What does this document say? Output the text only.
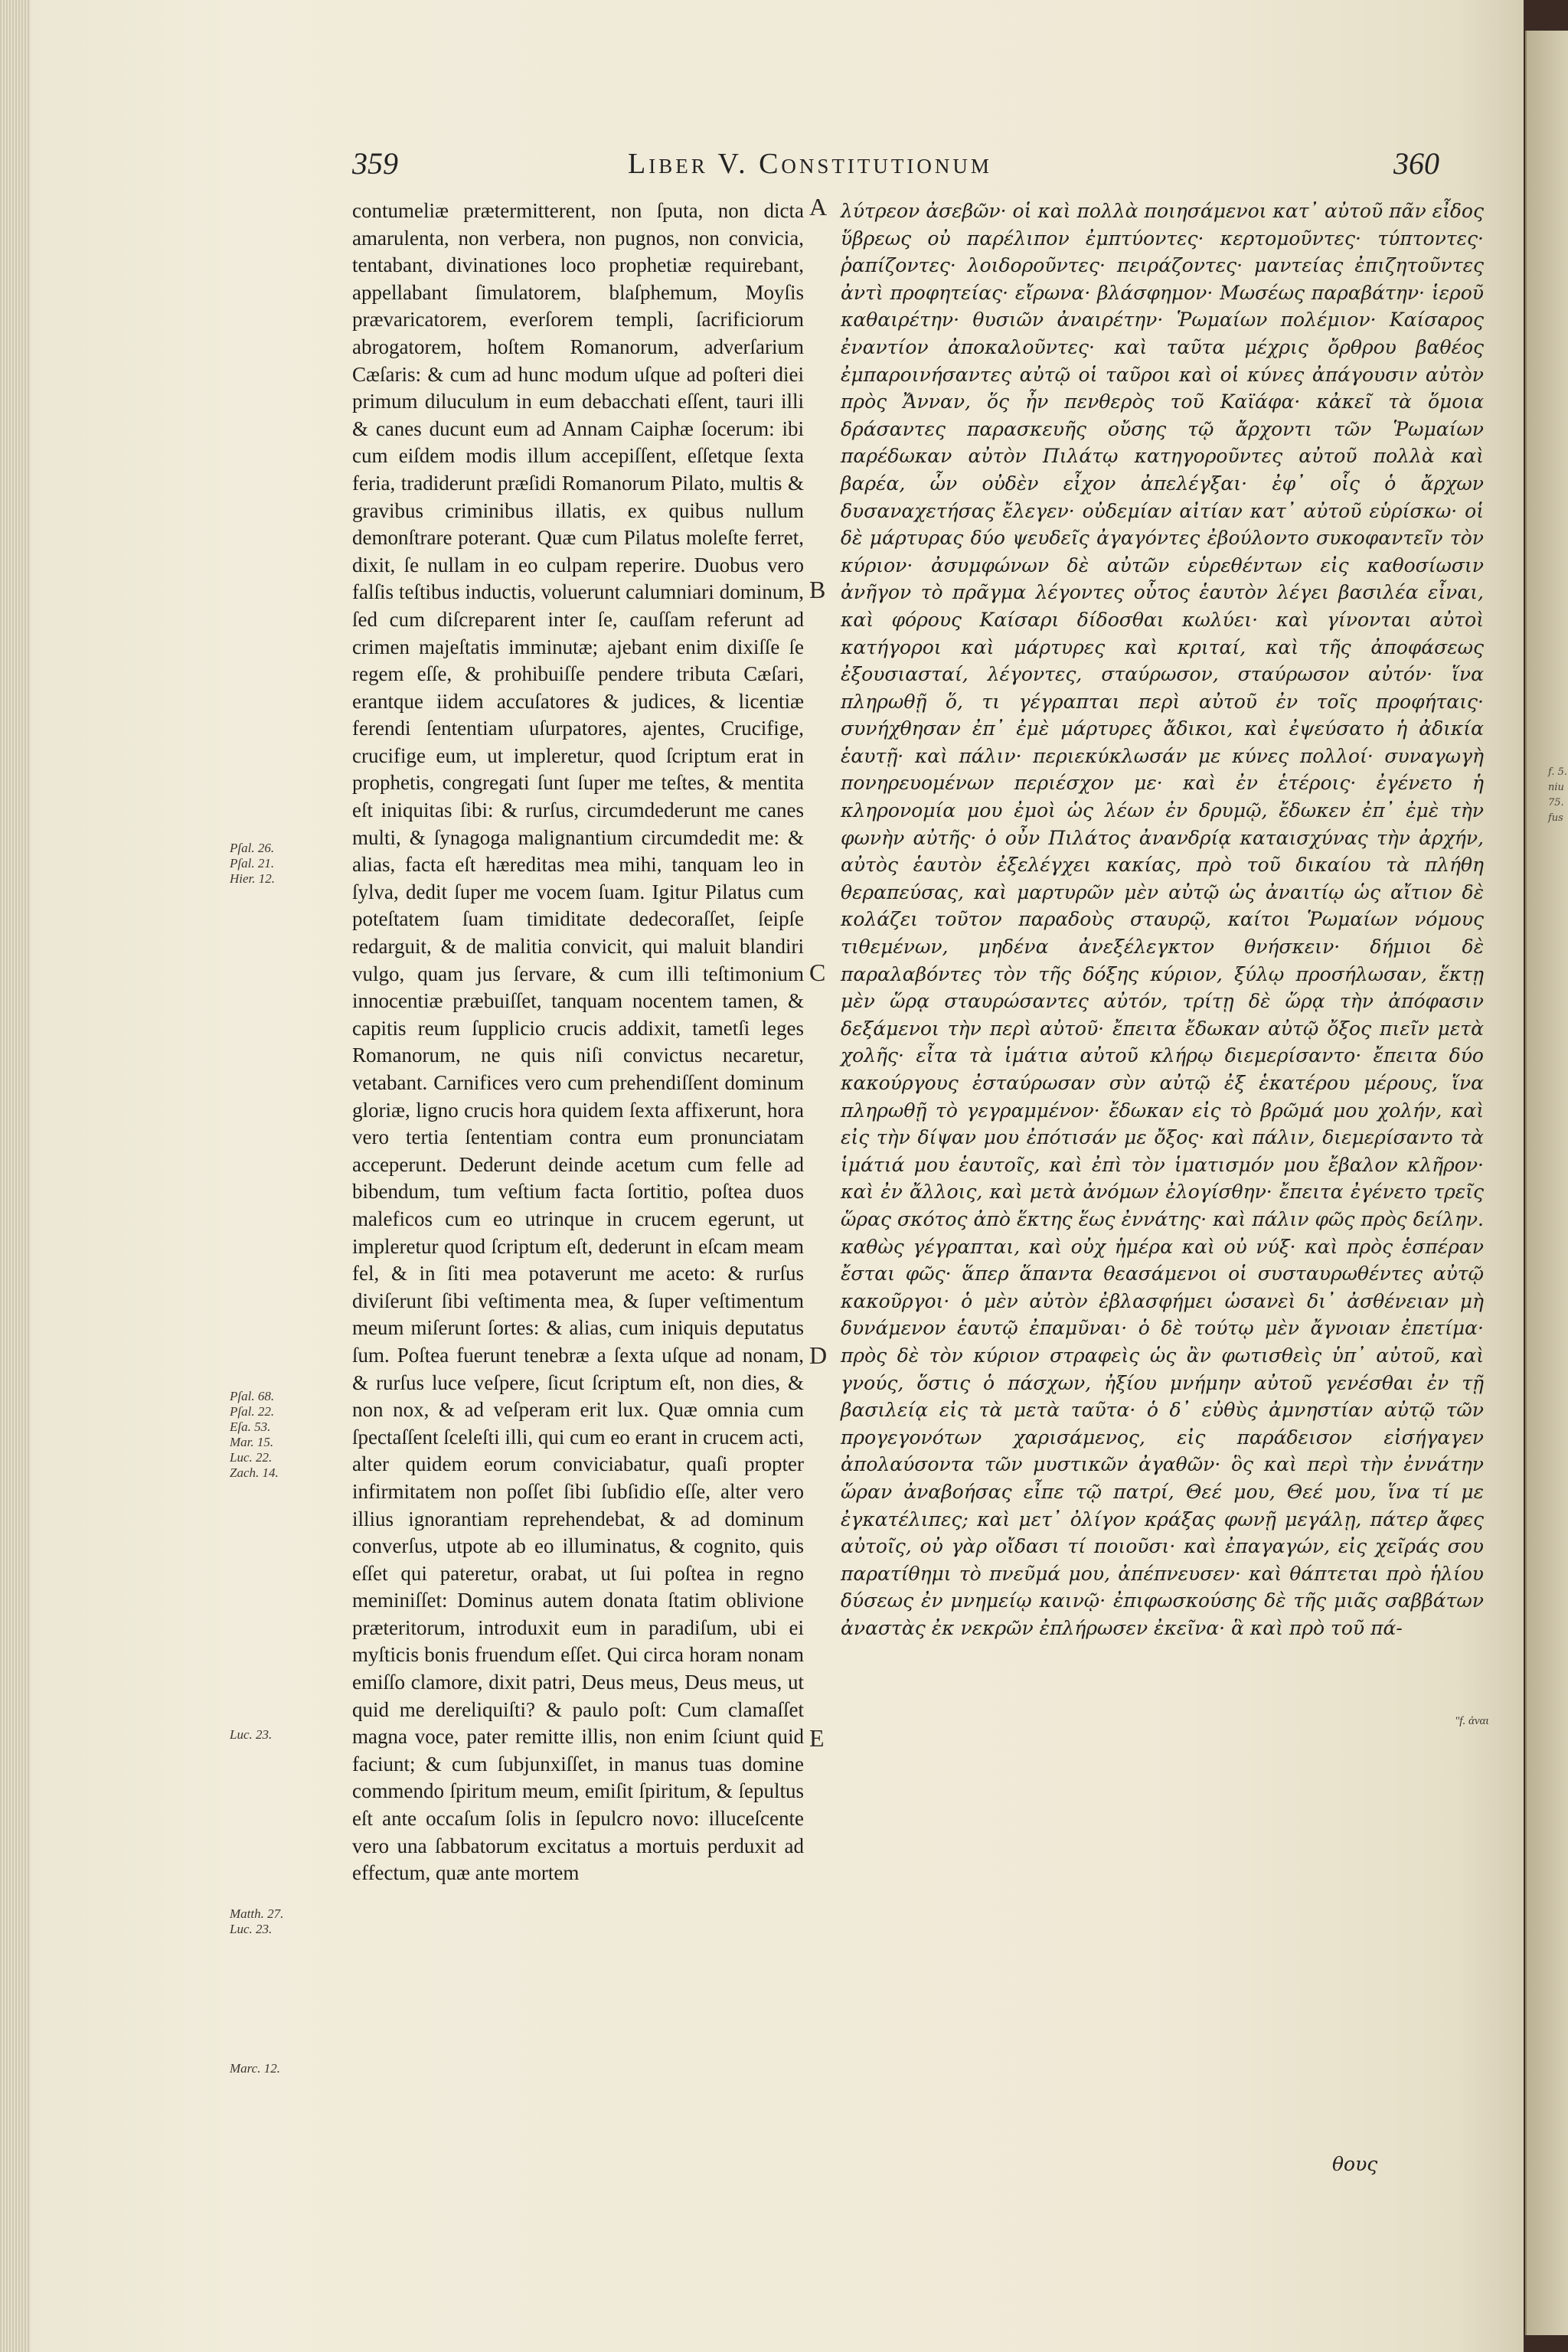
359	Liber V. Constitutionum	360
Pſal. 26.
Pſal. 21.
Hier. 12.
Pſal. 68.
Pſal. 22.
Eſa. 53.
Mar. 15.
Luc. 22.
Zach. 14.
Luc. 23.
Matth. 27.
Luc. 23.
Marc. 12.

contumeliæ prætermitterent, non ſputa, non dicta amarulenta, non verbera, non pugnos, non convicia, tentabant, divinationes loco prophetiæ requirebant, appellabant ſimulatorem, blaſphemum, Moyſis prævaricatorem, everſorem templi, ſacrificiorum abrogatorem, hoſtem Romanorum, adverſarium Cæſaris: & cum ad hunc modum uſque ad poſteri diei primum diluculum in eum debacchati eſſent, tauri illi & canes ducunt eum ad Annam Caiphæ ſocerum: ibi cum eiſdem modis illum accepiſſent, eſſetque ſexta feria, tradiderunt præſidi Romanorum Pilato, multis & gravibus criminibus illatis, ex quibus nullum demonſtrare poterant. Quæ cum Pilatus moleſte ferret, dixit, ſe nullam in eo culpam reperire. Duobus vero falſis teſtibus inductis, voluerunt calumniari dominum, ſed cum diſcreparent inter ſe, cauſſam referunt ad crimen majeſtatis imminutæ; ajebant enim dixiſſe ſe regem eſſe, & prohibuiſſe pendere tributa Cæſari, erantque iidem accuſatores & judices, & licentiæ ferendi ſententiam uſurpatores, ajentes, Crucifige, crucifige eum, ut impleretur, quod ſcriptum erat in prophetis, congregati ſunt ſuper me teſtes, & mentita eſt iniquitas ſibi: & rurſus, circumdederunt me canes multi, & ſynagoga malignantium circumdedit me: & alias, facta eſt hæreditas mea mihi, tanquam leo in ſylva, dedit ſuper me vocem ſuam. Igitur Pilatus cum poteſtatem ſuam timiditate dedecoraſſet, ſeipſe redarguit, & de malitia convicit, qui maluit blandiri vulgo, quam jus ſervare, & cum illi teſtimonium innocentiæ præbuiſſet, tanquam nocentem tamen, & capitis reum ſupplicio crucis addixit, tametſi leges Romanorum, ne quis niſi convictus necaretur, vetabant. Carnifices vero cum prehendiſſent dominum gloriæ, ligno crucis hora quidem ſexta affixerunt, hora vero tertia ſententiam contra eum pronunciatam acceperunt. Dederunt deinde acetum cum felle ad bibendum, tum veſtium facta ſortitio, poſtea duos maleficos cum eo utrinque in crucem egerunt, ut impleretur quod ſcriptum eſt, dederunt in eſcam meam fel, & in ſiti mea potaverunt me aceto: & rurſus diviſerunt ſibi veſtimenta mea, & ſuper veſtimentum meum miſerunt ſortes: & alias, cum iniquis deputatus ſum. Poſtea fuerunt tenebræ a ſexta uſque ad nonam, & rurſus luce veſpere, ſicut ſcriptum eſt, non dies, & non nox, & ad veſperam erit lux. Quæ omnia cum ſpectaſſent ſceleſti illi, qui cum eo erant in crucem acti, alter quidem eorum conviciabatur, quaſi propter infirmitatem non poſſet ſibi ſubſidio eſſe, alter vero illius ignorantiam reprehendebat, & ad dominum converſus, utpote ab eo illuminatus, & cognito, quis eſſet qui pateretur, orabat, ut ſui poſtea in regno meminiſſet: Dominus autem donata ſtatim oblivione præteritorum, introduxit eum in paradiſum, ubi ei myſticis bonis fruendum eſſet. Qui circa horam nonam emiſſo clamore, dixit patri, Deus meus, Deus meus, ut quid me dereliquiſti? & paulo poſt: Cum clamaſſet magna voce, pater remitte illis, non enim ſciunt quid faciunt; & cum ſubjunxiſſet, in manus tuas domine commendo ſpiritum meum, emiſit ſpiritum, & ſepultus eſt ante occaſum ſolis in ſepulcro novo: illuceſcente vero una ſabbatorum excitatus a mortuis perduxit ad effectum, quæ ante mortem

A
B
C
D
E

λύτρεον ἀσεβῶν· οἱ καὶ πολλὰ ποιησάμενοι κατ᾽ αὐτοῦ πᾶν εἶδος ὕβρεως οὐ παρέλιπον ἐμπτύοντες· κερτομοῦντες· τύπτοντες· ῥαπίζοντες· λοιδοροῦντες· πειράζοντες· μαντείας ἐπιζητοῦντες ἀντὶ προφητείας· εἴρωνα· βλάσφημον· Μωσέως παραβάτην· ἱεροῦ καθαιρέτην· θυσιῶν ἀναιρέτην· Ῥωμαίων πολέμιον· Καίσαρος ἐναντίον ἀποκαλοῦντες· καὶ ταῦτα μέχρις ὄρθρου βαθέος ἐμπαροινήσαντες αὐτῷ οἱ ταῦροι καὶ οἱ κύνες ἀπάγουσιν αὐτὸν πρὸς Ἄνναν, ὅς ἦν πενθερὸς τοῦ Καϊάφα· κἀκεῖ τὰ ὅμοια δράσαντες παρασκευῆς οὔσης τῷ ἄρχοντι τῶν Ῥωμαίων παρέδωκαν αὐτὸν Πιλάτῳ κατηγοροῦντες αὐτοῦ πολλὰ καὶ βαρέα, ὧν οὐδὲν εἶχον ἀπελέγξαι· ἐφ᾽ οἷς ὁ ἄρχων δυσαναχετήσας ἔλεγεν· οὐδεμίαν αἰτίαν κατ᾽ αὐτοῦ εὑρίσκω· οἱ δὲ μάρτυρας δύο ψευδεῖς ἀγαγόντες ἐβούλοντο συκοφαντεῖν τὸν κύριον· ἀσυμφώνων δὲ αὐτῶν εὑρεθέντων εἰς καθοσίωσιν ἀνῆγον τὸ πρᾶγμα λέγοντες οὗτος ἑαυτὸν λέγει βασιλέα εἶναι, καὶ φόρους Καίσαρι δίδοσθαι κωλύει· καὶ γίνονται αὐτοὶ κατήγοροι καὶ μάρτυρες καὶ κριταί, καὶ τῆς ἀποφάσεως ἐξουσιασταί, λέγοντες, σταύρωσον, σταύρωσον αὐτόν· ἵνα πληρωθῇ ὅ, τι γέγραπται περὶ αὐτοῦ ἐν τοῖς προφήταις· συνήχθησαν ἐπ᾽ ἐμὲ μάρτυρες ἄδικοι, καὶ ἐψεύσατο ἡ ἀδικία ἑαυτῇ· καὶ πάλιν· περιεκύκλωσάν με κύνες πολλοί· συναγωγὴ πονηρευομένων περιέσχον με· καὶ ἐν ἑτέροις· ἐγένετο ἡ κληρονομία μου ἐμοὶ ὡς λέων ἐν δρυμῷ, ἔδωκεν ἐπ᾽ ἐμὲ τὴν φωνὴν αὐτῆς· ὁ οὖν Πιλάτος ἀνανδρίᾳ καταισχύνας τὴν ἀρχήν, αὐτὸς ἑαυτὸν ἐξελέγχει κακίας, πρὸ τοῦ δικαίου τὰ πλήθη θεραπεύσας, καὶ μαρτυρῶν μὲν αὐτῷ ὡς ἀναιτίῳ ὡς αἴτιον δὲ κολάζει τοῦτον παραδοὺς σταυρῷ, καίτοι Ῥωμαίων νόμους τιθεμένων, μηδένα ἀνεξέλεγκτον θνήσκειν· δήμιοι δὲ παραλαβόντες τὸν τῆς δόξης κύριον, ξύλῳ προσήλωσαν, ἕκτῃ μὲν ὥρᾳ σταυρώσαντες αὐτόν, τρίτῃ δὲ ὥρᾳ τὴν ἀπόφασιν δεξάμενοι τὴν περὶ αὐτοῦ· ἔπειτα ἔδωκαν αὐτῷ ὄξος πιεῖν μετὰ χολῆς· εἶτα τὰ ἱμάτια αὐτοῦ κλήρῳ διεμερίσαντο· ἔπειτα δύο κακούργους ἐσταύρωσαν σὺν αὐτῷ ἐξ ἑκατέρου μέρους, ἵνα πληρωθῇ τὸ γεγραμμένον· ἔδωκαν εἰς τὸ βρῶμά μου χολήν, καὶ εἰς τὴν δίψαν μου ἐπότισάν με ὄξος· καὶ πάλιν, διεμερίσαντο τὰ ἱμάτιά μου ἑαυτοῖς, καὶ ἐπὶ τὸν ἱματισμόν μου ἔβαλον κλῆρον· καὶ ἐν ἄλλοις, καὶ μετὰ ἀνόμων ἐλογίσθην· ἔπειτα ἐγένετο τρεῖς ὥρας σκότος ἀπὸ ἕκτης ἕως ἐννάτης· καὶ πάλιν φῶς πρὸς δείλην. καθὼς γέγραπται, καὶ οὐχ ἡμέρα καὶ οὐ νύξ· καὶ πρὸς ἑσπέραν ἔσται φῶς· ἅπερ ἅπαντα θεασάμενοι οἱ συσταυρωθέντες αὐτῷ κακοῦργοι· ὁ μὲν αὐτὸν ἐβλασφήμει ὡσανεὶ δι᾽ ἀσθένειαν μὴ δυνάμενον ἑαυτῷ ἐπαμῦναι· ὁ δὲ τούτῳ μὲν ἄγνοιαν ἐπετίμα· πρὸς δὲ τὸν κύριον στραφεὶς ὡς ἂν φωτισθεὶς ὑπ᾽ αὐτοῦ, καὶ γνούς, ὅστις ὁ πάσχων, ἠξίου μνήμην αὐτοῦ γενέσθαι ἐν τῇ βασιλείᾳ εἰς τὰ μετὰ ταῦτα· ὁ δ᾽ εὐθὺς ἀμνηστίαν αὐτῷ τῶν προγεγονότων χαρισάμενος, εἰς παράδεισον εἰσήγαγεν ἀπολαύσοντα τῶν μυστικῶν ἀγαθῶν· ὃς καὶ περὶ τὴν ἐννάτην ὥραν ἀναβοήσας εἶπε τῷ πατρί, Θεέ μου, Θεέ μου, ἵνα τί με ἐγκατέλιπες; καὶ μετ᾽ ὀλίγον κράξας φωνῇ μεγάλῃ, πάτερ ἄφες αὐτοῖς, οὐ γὰρ οἴδασι τί ποιοῦσι· καὶ ἐπαγαγών, εἰς χεῖράς σου παρατίθημι τὸ πνεῦμά μου, ἀπέπνευσεν· καὶ θάπτεται πρὸ ἡλίου δύσεως ἐν μνημείῳ καινῷ· ἐπιφωσκούσης δὲ τῆς μιᾶς σαββάτων ἀναστὰς ἐκ νεκρῶν ἐπλήρωσεν ἐκεῖνα· ἃ καὶ πρὸ τοῦ πά-

θους
"f. ἀναι
f. 5.
niu
75.
fus
